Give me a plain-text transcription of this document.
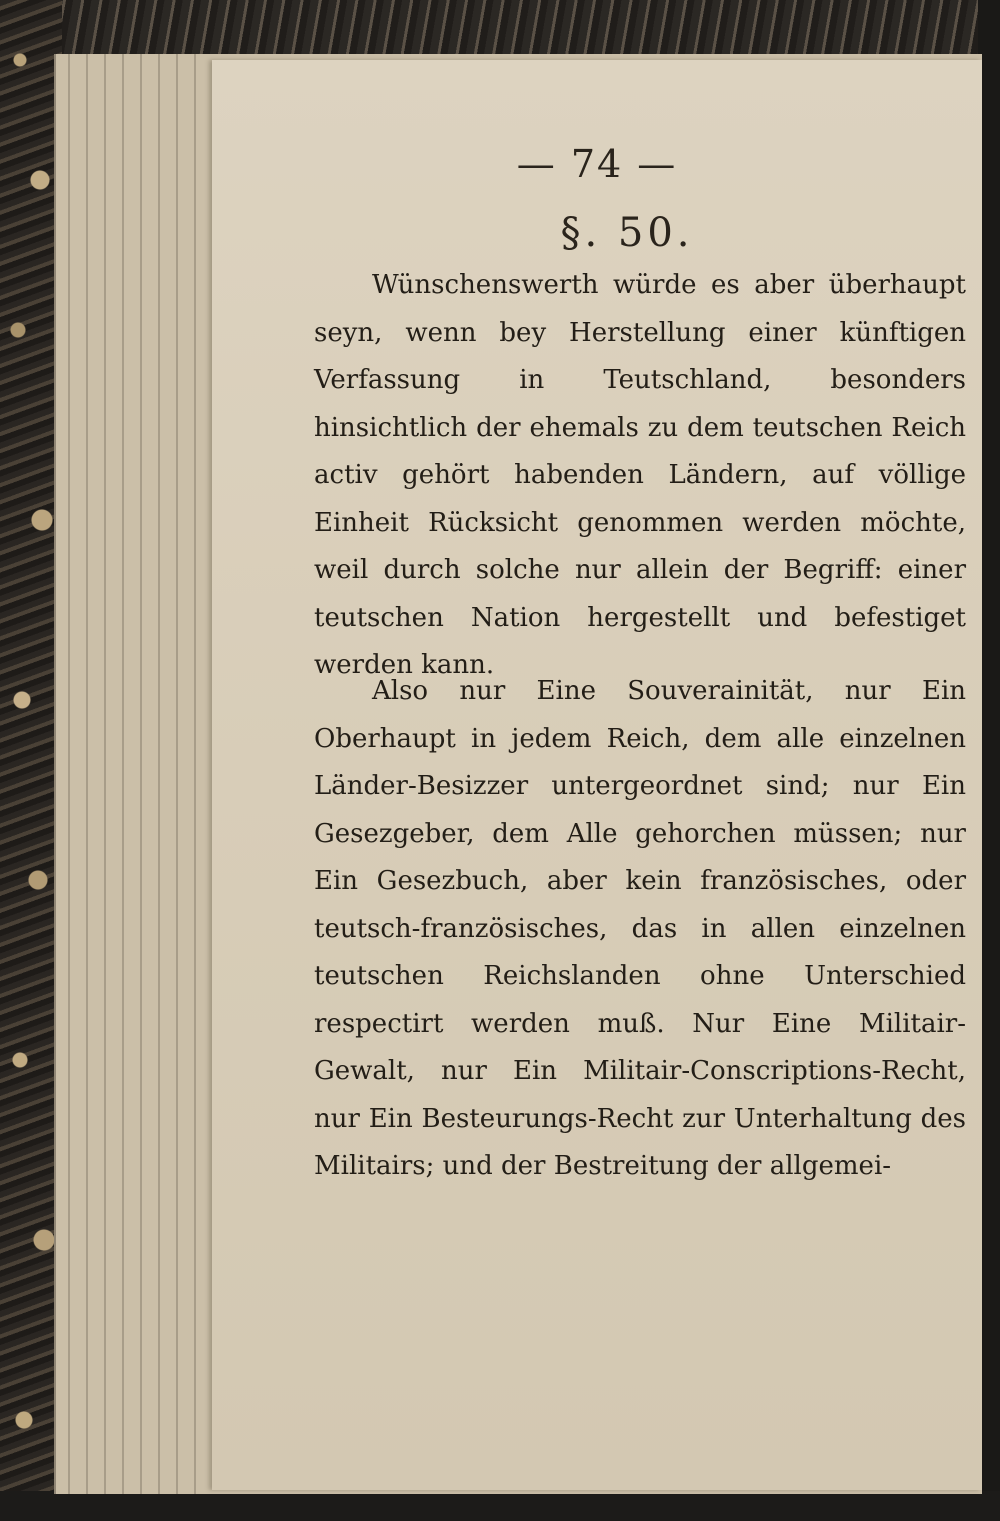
— 74 —
§. 50.

Wünschenswerth würde es aber überhaupt seyn, wenn bey Herstellung einer künftigen Verfassung in Teutschland, besonders hinsichtlich der ehemals zu dem teutschen Reich activ gehört habenden Ländern, auf völlige Einheit Rücksicht genommen werden möchte, weil durch solche nur allein der Begriff: einer teutschen Nation hergestellt und befestiget werden kann.

Also nur Eine Souverainität, nur Ein Oberhaupt in jedem Reich, dem alle einzelnen Länder-Besizzer untergeordnet sind; nur Ein Gesezgeber, dem Alle gehorchen müssen; nur Ein Gesezbuch, aber kein französisches, oder teutsch-französisches, das in allen einzelnen teutschen Reichslanden ohne Unterschied respectirt werden muß. Nur Eine Militair-Gewalt, nur Ein Militair-Conscriptions-Recht, nur Ein Besteurungs-Recht zur Unterhaltung des Militairs; und der Bestreitung der allgemei-
